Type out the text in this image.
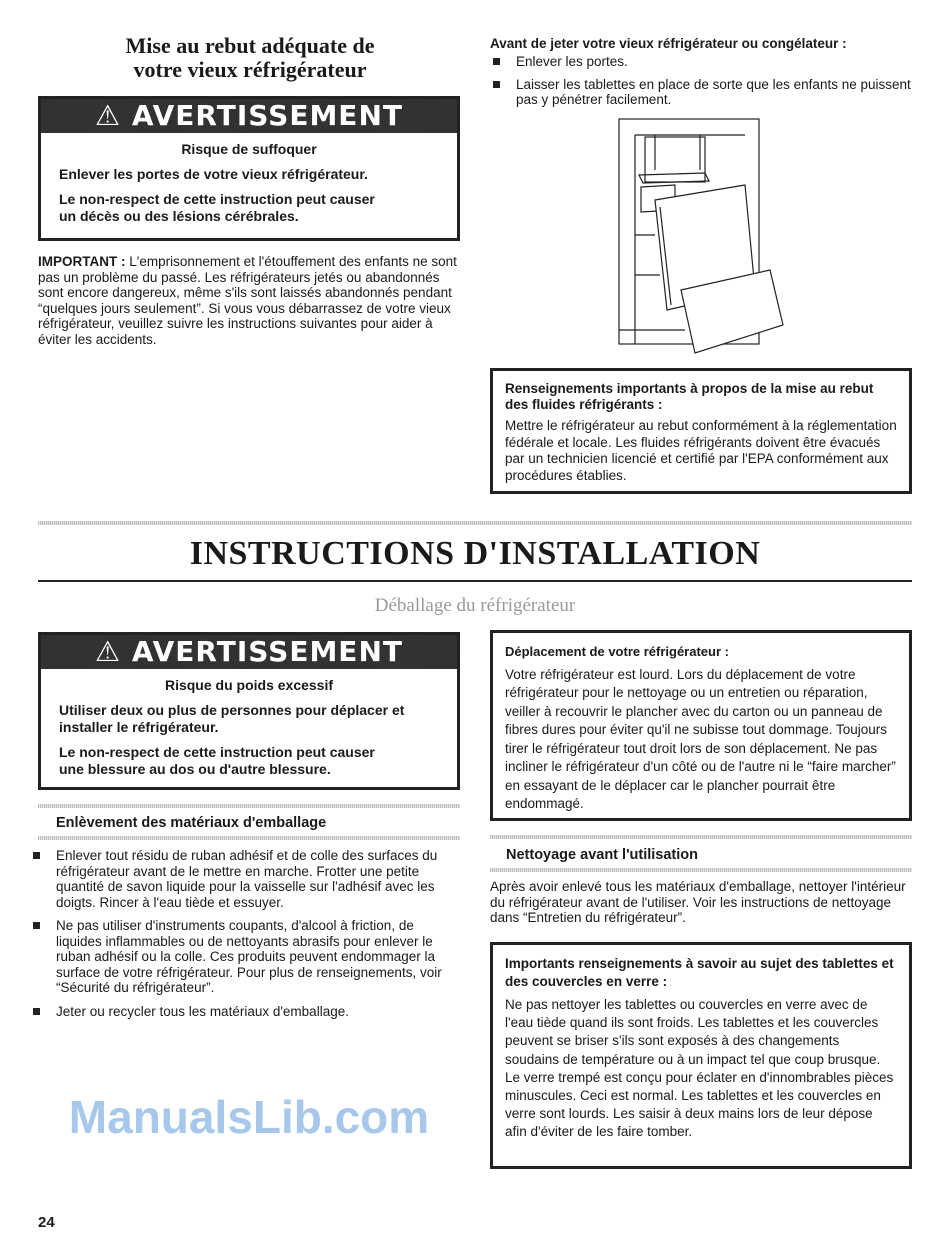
Mise au rebut adéquate de
votre vieux réfrigérateur
⚠ AVERTISSEMENT

Risque de suffoquer

Enlever les portes de votre vieux réfrigérateur.

Le non-respect de cette instruction peut causer
un décès ou des lésions cérébrales.

IMPORTANT : L'emprisonnement et l'étouffement des enfants ne sont pas un problème du passé. Les réfrigérateurs jetés ou abandonnés sont encore dangereux, même s'ils sont laissés abandonnés pendant “quelques jours seulement”. Si vous vous débarrassez de votre vieux réfrigérateur, veuillez suivre les instructions suivantes pour aider à éviter les accidents.
Avant de jeter votre vieux réfrigérateur ou congélateur :
Enlever les portes.
Laisser les tablettes en place de sorte que les enfants ne puissent pas y pénétrer facilement.
Renseignements importants à propos de la mise au rebut des fluides réfrigérants :
Mettre le réfrigérateur au rebut conformément à la réglementation fédérale et locale. Les fluides réfrigérants doivent être évacués par un technicien licencié et certifié par l'EPA conformément aux procédures établies.
INSTRUCTIONS D'INSTALLATION
Déballage du réfrigérateur
⚠ AVERTISSEMENT

Risque du poids excessif

Utiliser deux ou plus de personnes pour déplacer et
installer le réfrigérateur.

Le non-respect de cette instruction peut causer
une blessure au dos ou d'autre blessure.

Enlèvement des matériaux d'emballage
Enlever tout résidu de ruban adhésif et de colle des surfaces du réfrigérateur avant de le mettre en marche. Frotter une petite quantité de savon liquide pour la vaisselle sur l'adhésif avec les doigts. Rincer à l'eau tiède et essuyer.
Ne pas utiliser d'instruments coupants, d'alcool à friction, de liquides inflammables ou de nettoyants abrasifs pour enlever le ruban adhésif ou la colle. Ces produits peuvent endommager la surface de votre réfrigérateur. Pour plus de renseignements, voir “Sécurité du réfrigérateur”.
Jeter ou recycler tous les matériaux d'emballage.
ManualsLib.com
Déplacement de votre réfrigérateur :
Votre réfrigérateur est lourd. Lors du déplacement de votre réfrigérateur pour le nettoyage ou un entretien ou réparation, veiller à recouvrir le plancher avec du carton ou un panneau de fibres dures pour éviter qu'il ne subisse tout dommage. Toujours tirer le réfrigérateur tout droit lors de son déplacement. Ne pas incliner le réfrigérateur d'un côté ou de l'autre ni le “faire marcher” en essayant de le déplacer car le plancher pourrait être endommagé.
Nettoyage avant l'utilisation
Après avoir enlevé tous les matériaux d'emballage, nettoyer l'intérieur du réfrigérateur avant de l'utiliser. Voir les instructions de nettoyage dans “Entretien du réfrigérateur”.
Importants renseignements à savoir au sujet des tablettes et des couvercles en verre :
Ne pas nettoyer les tablettes ou couvercles en verre avec de l'eau tiède quand ils sont froids. Les tablettes et les couvercles peuvent se briser s'ils sont exposés à des changements soudains de température ou à un impact tel que coup brusque. Le verre trempé est conçu pour éclater en d'innombrables pièces minuscules. Ceci est normal. Les tablettes et les couvercles en verre sont lourds. Les saisir à deux mains lors de leur dépose afin d'éviter de les faire tomber.
24
